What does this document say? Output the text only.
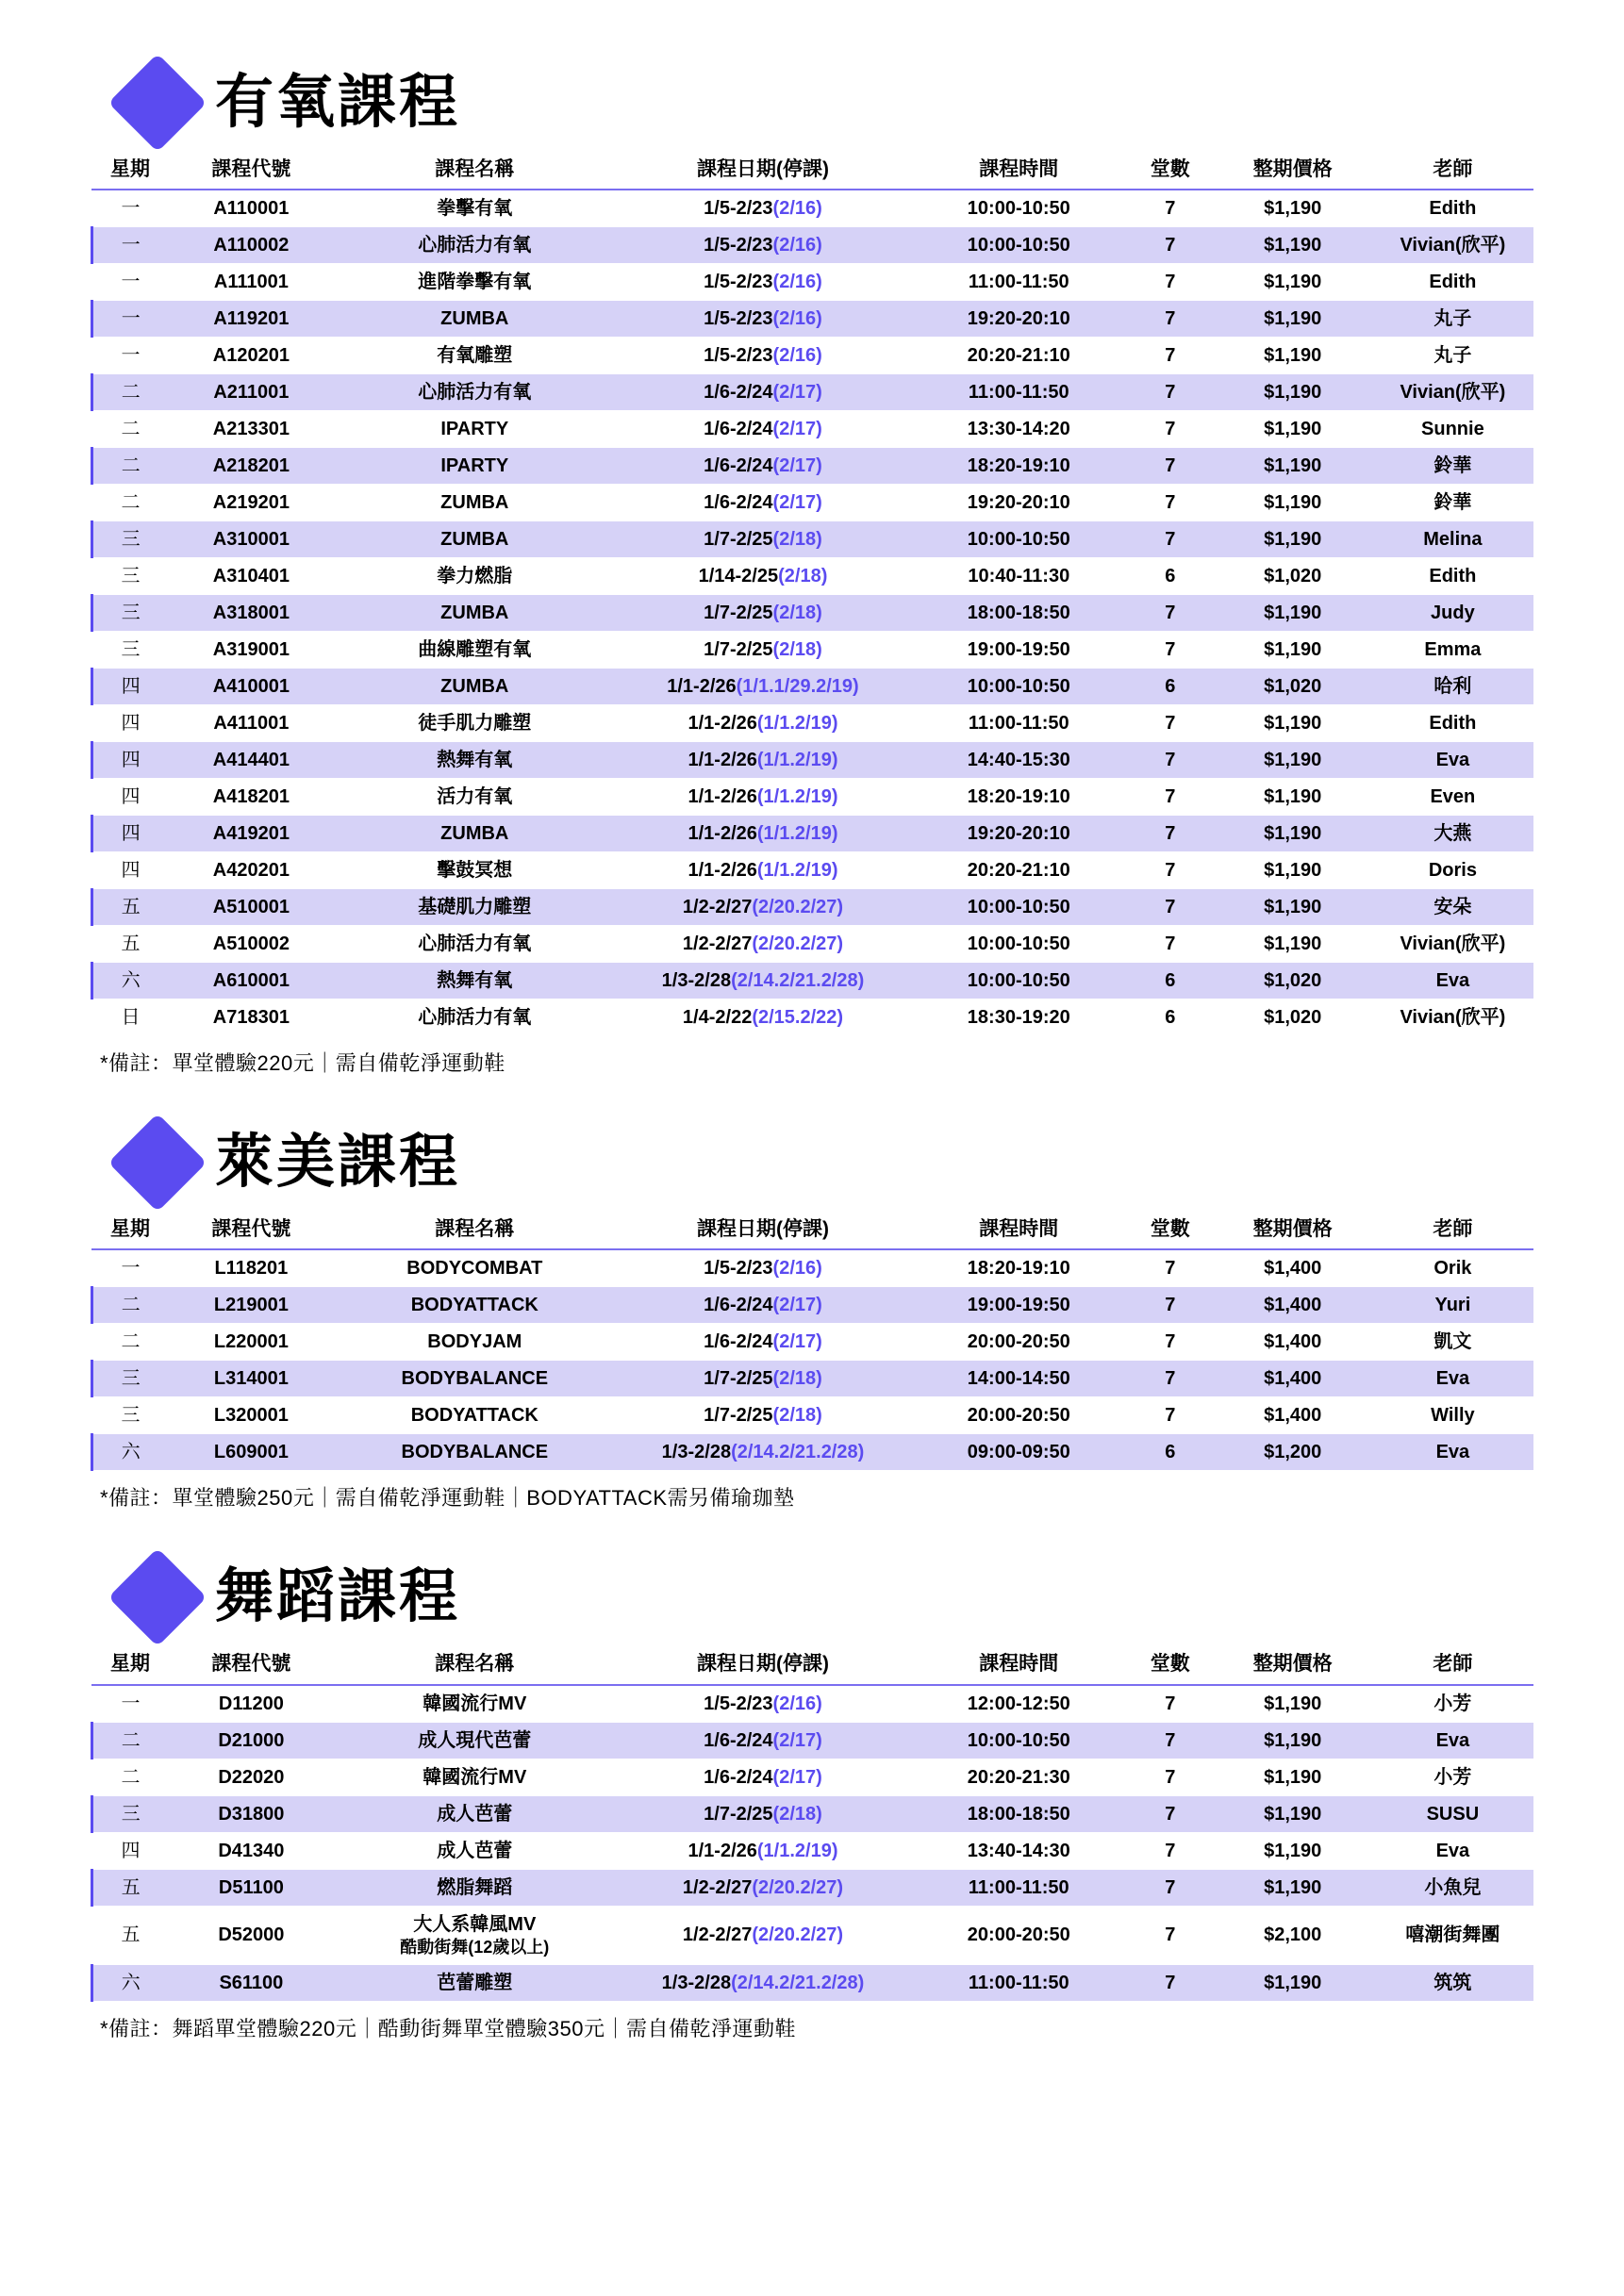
有氧課程
星期	課程代號	課程名稱	課程日期(停課)	課程時間	堂數	整期價格	老師
一	A110001	拳擊有氧	1/5-2/23(2/16)	10:00-10:50	7	$1,190	Edith
一	A110002	心肺活力有氧	1/5-2/23(2/16)	10:00-10:50	7	$1,190	Vivian(欣平)
一	A111001	進階拳擊有氧	1/5-2/23(2/16)	11:00-11:50	7	$1,190	Edith
一	A119201	ZUMBA	1/5-2/23(2/16)	19:20-20:10	7	$1,190	丸子
一	A120201	有氧雕塑	1/5-2/23(2/16)	20:20-21:10	7	$1,190	丸子
二	A211001	心肺活力有氧	1/6-2/24(2/17)	11:00-11:50	7	$1,190	Vivian(欣平)
二	A213301	IPARTY	1/6-2/24(2/17)	13:30-14:20	7	$1,190	Sunnie
二	A218201	IPARTY	1/6-2/24(2/17)	18:20-19:10	7	$1,190	鈴華
二	A219201	ZUMBA	1/6-2/24(2/17)	19:20-20:10	7	$1,190	鈴華
三	A310001	ZUMBA	1/7-2/25(2/18)	10:00-10:50	7	$1,190	Melina
三	A310401	拳力燃脂	1/14-2/25(2/18)	10:40-11:30	6	$1,020	Edith
三	A318001	ZUMBA	1/7-2/25(2/18)	18:00-18:50	7	$1,190	Judy
三	A319001	曲線雕塑有氧	1/7-2/25(2/18)	19:00-19:50	7	$1,190	Emma
四	A410001	ZUMBA	1/1-2/26(1/1.1/29.2/19)	10:00-10:50	6	$1,020	哈利
四	A411001	徒手肌力雕塑	1/1-2/26(1/1.2/19)	11:00-11:50	7	$1,190	Edith
四	A414401	熱舞有氧	1/1-2/26(1/1.2/19)	14:40-15:30	7	$1,190	Eva
四	A418201	活力有氧	1/1-2/26(1/1.2/19)	18:20-19:10	7	$1,190	Even
四	A419201	ZUMBA	1/1-2/26(1/1.2/19)	19:20-20:10	7	$1,190	大燕
四	A420201	擊鼓冥想	1/1-2/26(1/1.2/19)	20:20-21:10	7	$1,190	Doris
五	A510001	基礎肌力雕塑	1/2-2/27(2/20.2/27)	10:00-10:50	7	$1,190	安朵
五	A510002	心肺活力有氧	1/2-2/27(2/20.2/27)	10:00-10:50	7	$1,190	Vivian(欣平)
六	A610001	熱舞有氧	1/3-2/28(2/14.2/21.2/28)	10:00-10:50	6	$1,020	Eva
日	A718301	心肺活力有氧	1/4-2/22(2/15.2/22)	18:30-19:20	6	$1,020	Vivian(欣平)
*備註：單堂體驗220元｜需自備乾淨運動鞋
萊美課程
星期	課程代號	課程名稱	課程日期(停課)	課程時間	堂數	整期價格	老師
一	L118201	BODYCOMBAT	1/5-2/23(2/16)	18:20-19:10	7	$1,400	Orik
二	L219001	BODYATTACK	1/6-2/24(2/17)	19:00-19:50	7	$1,400	Yuri
二	L220001	BODYJAM	1/6-2/24(2/17)	20:00-20:50	7	$1,400	凱文
三	L314001	BODYBALANCE	1/7-2/25(2/18)	14:00-14:50	7	$1,400	Eva
三	L320001	BODYATTACK	1/7-2/25(2/18)	20:00-20:50	7	$1,400	Willy
六	L609001	BODYBALANCE	1/3-2/28(2/14.2/21.2/28)	09:00-09:50	6	$1,200	Eva
*備註：單堂體驗250元｜需自備乾淨運動鞋｜BODYATTACK需另備瑜珈墊
舞蹈課程
星期	課程代號	課程名稱	課程日期(停課)	課程時間	堂數	整期價格	老師
一	D11200	韓國流行MV	1/5-2/23(2/16)	12:00-12:50	7	$1,190	小芳
二	D21000	成人現代芭蕾	1/6-2/24(2/17)	10:00-10:50	7	$1,190	Eva
二	D22020	韓國流行MV	1/6-2/24(2/17)	20:20-21:30	7	$1,190	小芳
三	D31800	成人芭蕾	1/7-2/25(2/18)	18:00-18:50	7	$1,190	SUSU
四	D41340	成人芭蕾	1/1-2/26(1/1.2/19)	13:40-14:30	7	$1,190	Eva
五	D51100	燃脂舞蹈	1/2-2/27(2/20.2/27)	11:00-11:50	7	$1,190	小魚兒
五	D52000	大人系韓風MV
酷動街舞(12歲以上)	1/2-2/27(2/20.2/27)	20:00-20:50	7	$2,100	嘻潮街舞團
六	S61100	芭蕾雕塑	1/3-2/28(2/14.2/21.2/28)	11:00-11:50	7	$1,190	筑筑
*備註：舞蹈單堂體驗220元｜酷動街舞單堂體驗350元｜需自備乾淨運動鞋
